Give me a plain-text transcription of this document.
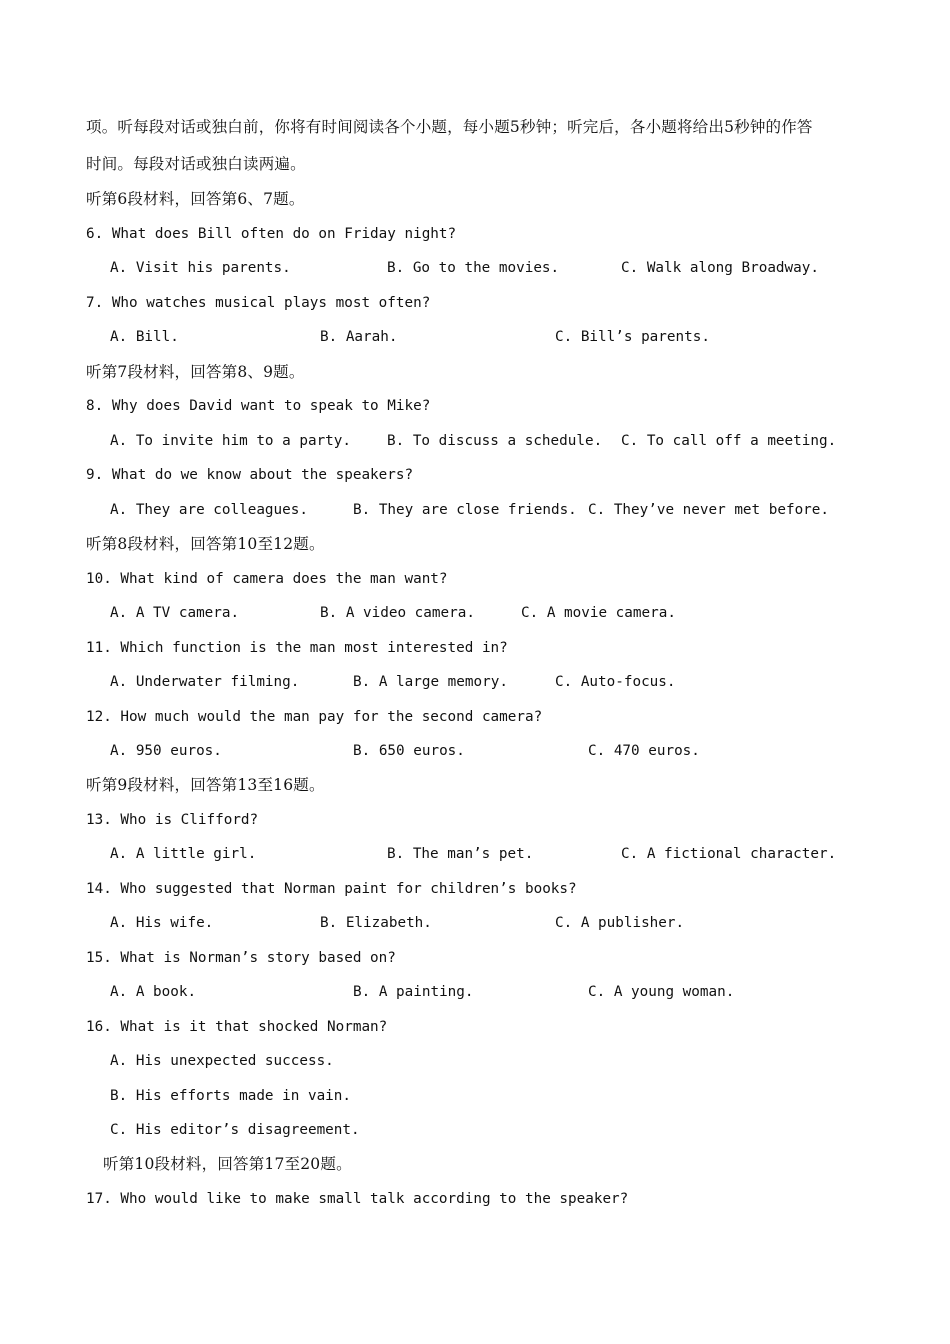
项。听每段对话或独白前，你将有时间阅读各个小题，每小题5秒钟；听完后，各小题将给出5秒钟的作答
时间。每段对话或独白读两遍。
听第6段材料，回答第6、7题。
6. What does Bill often do on Friday night?
A. Visit his parents.	B. Go to the movies.	C. Walk along Broadway.
7. Who watches musical plays most often?
A. Bill.	B. Aarah.	C. Bill’s parents.
听第7段材料，回答第8、9题。
8. Why does David want to speak to Mike?
A. To invite him to a party.	B. To discuss a schedule. C. To call off a meeting.
9. What do we know about the speakers?
A. They are colleagues.	B. They are close friends. C. They’ve never met before.
听第8段材料，回答第10至12题。
10. What kind of camera does the man want?
A. A TV camera.	B. A video camera.	C. A movie camera.
11. Which function is the man most interested in?
A. Underwater filming.	B. A large memory.	C. Auto-focus.
12. How much would the man pay for the second camera?
A. 950 euros.	B. 650 euros.	C. 470 euros.
听第9段材料，回答第13至16题。
13. Who is Clifford?
A. A little girl.	B. The man’s pet.	C. A fictional character.
14. Who suggested that Norman paint for children’s books?
A. His wife.	B. Elizabeth.	C. A publisher.
15. What is Norman’s story based on?
A. A book.	B. A painting.	C. A young woman.
16. What is it that shocked Norman?
A. His unexpected success.
B. His efforts made in vain.
C. His editor’s disagreement.
听第10段材料，回答第17至20题。
17. Who would like to make small talk according to the speaker?
